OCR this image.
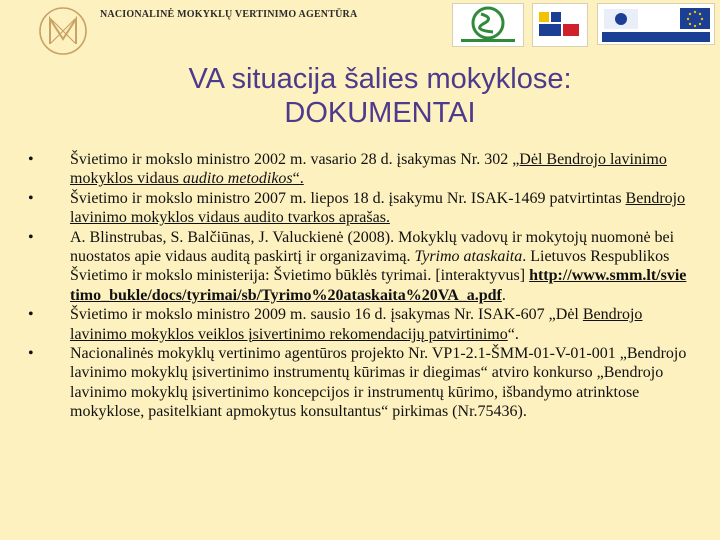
NACIONALINĖ MOKYKLŲ VERTINIMO AGENTŪRA
VA situacija šalies mokyklose:
DOKUMENTAI
•	Švietimo ir mokslo ministro 2002 m. vasario 28 d. įsakymas Nr. 302 „Dėl Bendrojo lavinimo mokyklos vidaus audito metodikos“.
•	Švietimo ir mokslo ministro 2007 m. liepos 18 d. įsakymu Nr. ISAK-1469 patvirtintas Bendrojo lavinimo mokyklos vidaus audito tvarkos aprašas.
•	A. Blinstrubas, S. Balčiūnas, J. Valuckienė (2008). Mokyklų vadovų ir mokytojų nuomonė bei nuostatos apie vidaus auditą paskirtį ir organizavimą. Tyrimo ataskaita. Lietuvos Respublikos Švietimo ir mokslo ministerija: Švietimo būklės tyrimai. [interaktyvus] http://www.smm.lt/svietimo_bukle/docs/tyrimai/sb/Tyrimo%20ataskaita%20VA_a.pdf.
•	Švietimo ir mokslo ministro 2009 m. sausio 16 d. įsakymas Nr. ISAK-607 „Dėl Bendrojo lavinimo mokyklos veiklos įsivertinimo rekomendacijų patvirtinimo“.
•	Nacionalinės mokyklų vertinimo agentūros projekto Nr. VP1-2.1-ŠMM-01-V-01-001 „Bendrojo lavinimo mokyklų įsivertinimo instrumentų kūrimas ir diegimas“ atviro konkurso „Bendrojo lavinimo mokyklų įsivertinimo koncepcijos ir instrumentų kūrimo, išbandymo atrinktose mokyklose, pasitelkiant apmokytus konsultantus“ pirkimas (Nr.75436).
